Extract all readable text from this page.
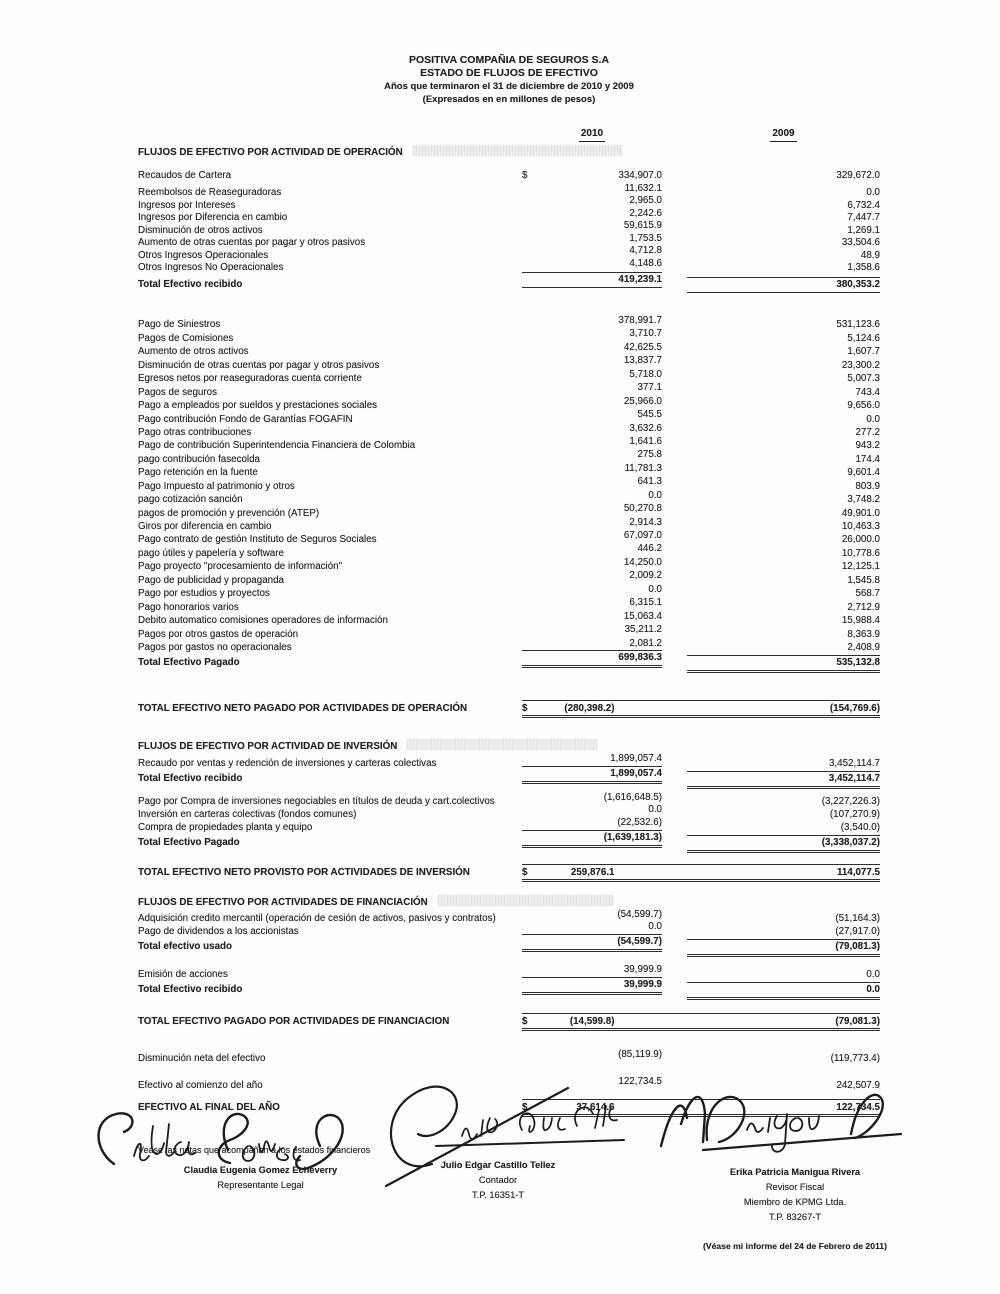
POSITIVA COMPAÑIA DE SEGUROS S.A
ESTADO DE FLUJOS DE EFECTIVO
Años que terminaron el 31 de diciembre de 2010 y 2009
(Expresados en en millones de pesos)
2010	2009
FLUJOS DE EFECTIVO POR ACTIVIDAD DE OPERACIÓN
Recaudos de Cartera	$	334,907.0	329,672.0
Reembolsos de Reaseguradoras	11,632.1	0.0
Ingresos por Intereses	2,965.0	6,732.4
Ingresos por Diferencia en cambio	2,242.6	7,447.7
Disminución de otros activos	59,615.9	1,269.1
Aumento de otras cuentas por pagar y otros pasivos	1,753.5	33,504.6
Otros Ingresos Operacionales	4,712.8	48.9
Otros Ingresos No Operacionales	4,148.6	1,358.6
Total Efectivo recibido	419,239.1	380,353.2
Pago de Siniestros	378,991.7	531,123.6
Pagos de Comisiones	3,710.7	5,124.6
Aumento de otros activos	42,625.5	1,607.7
Disminución de otras cuentas por pagar y otros pasivos	13,837.7	23,300.2
Egresos netos por reaseguradoras cuenta corriente	5,718.0	5,007.3
Pagos de seguros	377.1	743.4
Pago a empleados por sueldos y prestaciones sociales	25,966.0	9,656.0
Pago contribución Fondo de Garantías FOGAFIN	545.5	0.0
Pago otras contribuciones	3,632.6	277.2
Pago de contribución Superintendencia Financiera de Colombia	1,641.6	943.2
pago contribución fasecolda	275.8	174.4
Pago retención en la fuente	11,781.3	9,601.4
Pago Impuesto al patrimonio y otros	641.3	803.9
pago cotización sanción	0.0	3,748.2
pagos de promoción y prevención (ATEP)	50,270.8	49,901.0
Giros por diferencia en cambio	2,914.3	10,463.3
Pago contrato de gestión Instituto de Seguros Sociales	67,097.0	26,000.0
pago útiles y papelería y software	446.2	10,778.6
Pago proyecto "procesamiento de información"	14,250.0	12,125.1
Pago de publicidad y propaganda	2,009.2	1,545.8
Pago por estudios y proyectos	0.0	568.7
Pago honorarios varios	6,315.1	2,712.9
Debito automatico comisiones operadores de información	15,063.4	15,988.4
Pagos por otros gastos de operación	35,211.2	8,363.9
Pagos por gastos no operacionales	2,081.2	2,408.9
Total Efectivo Pagado	699,836.3	535,132.8
TOTAL EFECTIVO NETO PAGADO POR ACTIVIDADES DE OPERACIÓN	$	(280,398.2)	(154,769.6)
FLUJOS DE EFECTIVO POR ACTIVIDAD DE INVERSIÓN
Recaudo por ventas y redención de inversiones y carteras colectivas	1,899,057.4	3,452,114.7
Total Efectivo recibido	1,899,057.4	3,452,114.7
Pago por Compra de inversiones negociables en títulos de deuda y cart.colectivos	(1,616,648.5)	(3,227,226.3)
Inversión en carteras colectivas (fondos comunes)	0.0	(107,270.9)
Compra de propiedades planta y equipo	(22,532.6)	(3,540.0)
Total Efectivo Pagado	(1,639,181.3)	(3,338,037.2)
TOTAL EFECTIVO NETO PROVISTO POR ACTIVIDADES DE INVERSIÓN	$	259,876.1	114,077.5
FLUJOS DE EFECTIVO POR ACTIVIDADES DE FINANCIACIÓN
Adquisición credito mercantil (operación de cesión de activos, pasivos y contratos)	(54,599.7)	(51,164.3)
Pago de dividendos a los accionistas	0.0	(27,917.0)
Total efectivo usado	(54,599.7)	(79,081.3)
Emisión de acciones	39,999.9	0.0
Total Efectivo recibido	39,999.9	0.0
TOTAL EFECTIVO PAGADO POR ACTIVIDADES DE FINANCIACION	$	(14,599.8)	(79,081.3)
Disminución neta del efectivo	(85,119.9)	(119,773.4)
Efectivo al comienzo del año	122,734.5	242,507.9
EFECTIVO AL FINAL DEL AÑO	$	37,614.6	122,734.5
Veáse las notas que acompañan a los estados financieros
Claudia Eugenia Gomez Echeverry
Representante Legal
Julio Edgar Castillo Tellez
Contador
T.P. 16351-T
Erika Patricia Manigua Rivera
Revisor Fiscal
Miembro de KPMG Ltda.
T.P. 83267-T
(Véase mi informe del 24 de Febrero de 2011)
